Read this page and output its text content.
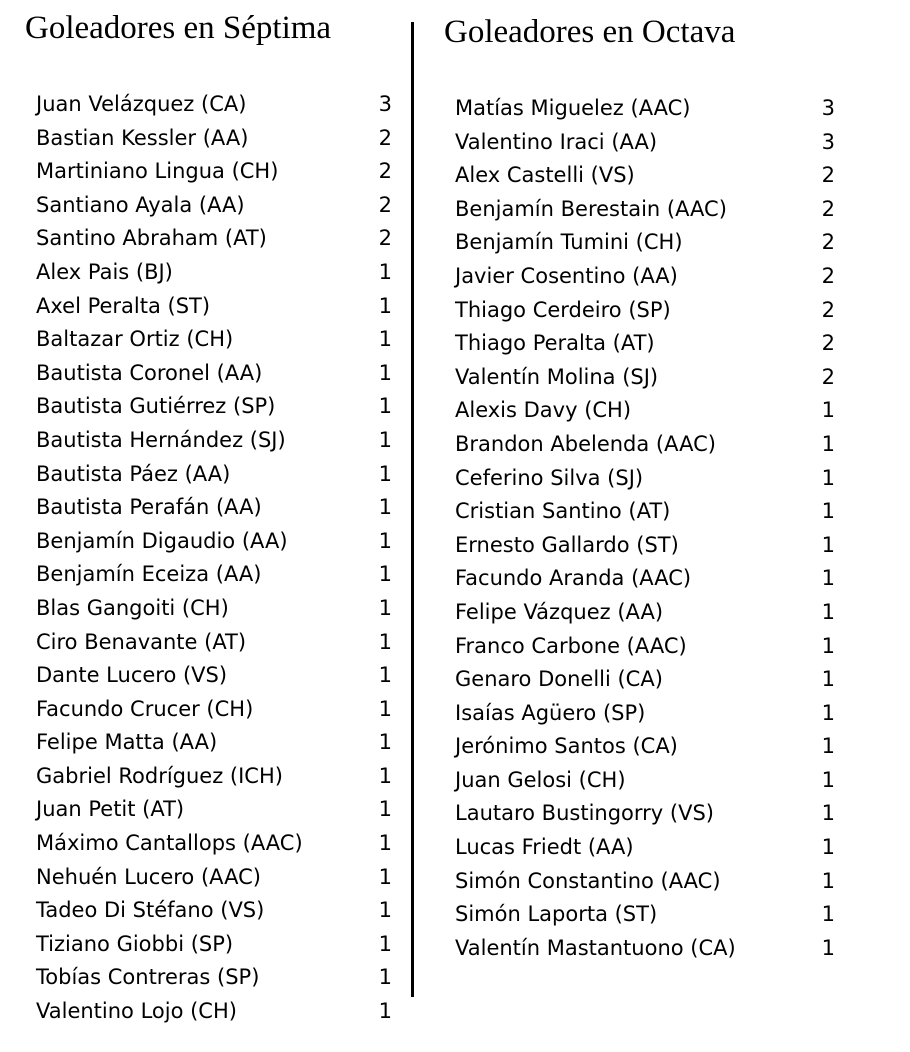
Goleadores en Séptima	Goleadores en Octava
Juan Velázquez (CA)	3
Bastian Kessler (AA)	2
Martiniano Lingua (CH)	2
Santiano Ayala (AA)	2
Santino Abraham (AT)	2
Alex Pais (BJ)	1
Axel Peralta (ST)	1
Baltazar Ortiz (CH)	1
Bautista Coronel (AA)	1
Bautista Gutiérrez (SP)	1
Bautista Hernández (SJ)	1
Bautista Páez (AA)	1
Bautista Perafán (AA)	1
Benjamín Digaudio (AA)	1
Benjamín Eceiza (AA)	1
Blas Gangoiti (CH)	1
Ciro Benavante (AT)	1
Dante Lucero (VS)	1
Facundo Crucer (CH)	1
Felipe Matta (AA)	1
Gabriel Rodríguez (ICH)	1
Juan Petit (AT)	1
Máximo Cantallops (AAC)	1
Nehuén Lucero (AAC)	1
Tadeo Di Stéfano (VS)	1
Tiziano Giobbi (SP)	1
Tobías Contreras (SP)	1
Valentino Lojo (CH)	1
Matías Miguelez (AAC)	3
Valentino Iraci (AA)	3
Alex Castelli (VS)	2
Benjamín Berestain (AAC)	2
Benjamín Tumini (CH)	2
Javier Cosentino (AA)	2
Thiago Cerdeiro (SP)	2
Thiago Peralta (AT)	2
Valentín Molina (SJ)	2
Alexis Davy (CH)	1
Brandon Abelenda (AAC)	1
Ceferino Silva (SJ)	1
Cristian Santino (AT)	1
Ernesto Gallardo (ST)	1
Facundo Aranda (AAC)	1
Felipe Vázquez (AA)	1
Franco Carbone (AAC)	1
Genaro Donelli (CA)	1
Isaías Agüero (SP)	1
Jerónimo Santos (CA)	1
Juan Gelosi (CH)	1
Lautaro Bustingorry (VS)	1
Lucas Friedt (AA)	1
Simón Constantino (AAC)	1
Simón Laporta (ST)	1
Valentín Mastantuono (CA)	1
